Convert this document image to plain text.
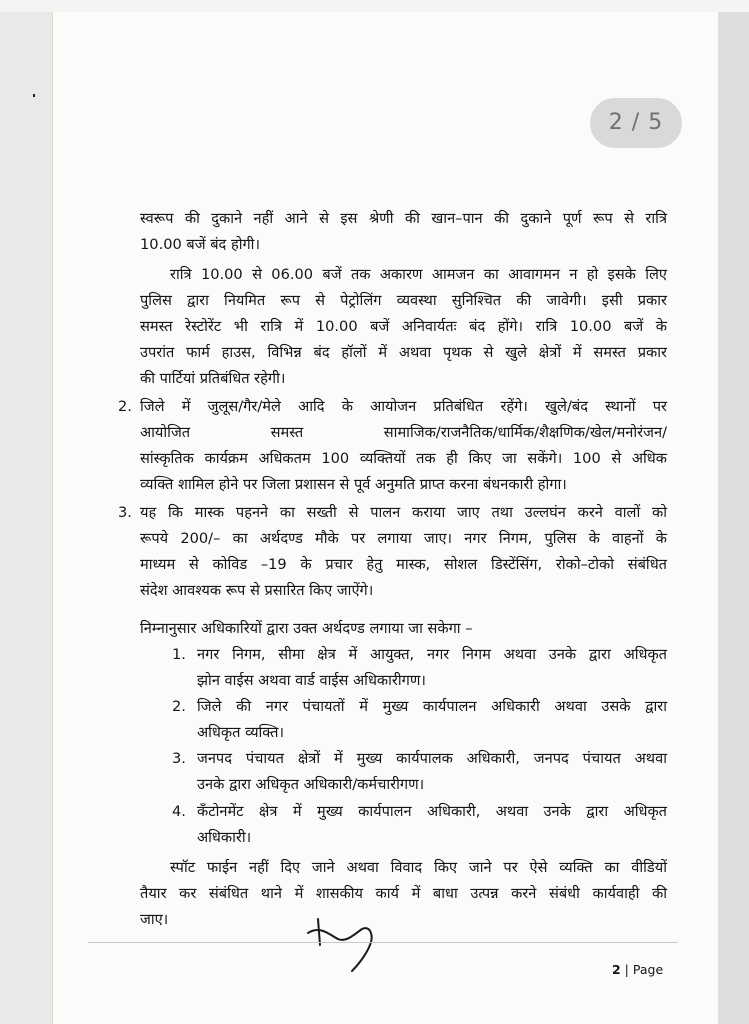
2 / 5
स्वरूप की दुकाने नहीं आने से इस श्रेणी की खान–पान की दुकाने पूर्ण रूप से रात्रि
10.00 बजें बंद होगी।
रात्रि 10.00 से 06.00 बजें तक अकारण आमजन का आवागमन न हो इसके लिए
पुलिस द्वारा नियमित रूप से पेट्रोलिंग व्यवस्था सुनिश्चित की जावेगी। इसी प्रकार
समस्त रेस्टोरेंट भी रात्रि में 10.00 बजें अनिवार्यतः बंद होंगे। रात्रि 10.00 बजें के
उपरांत फार्म हाउस, विभिन्न बंद हॉलों में अथवा पृथक से खुले क्षेत्रों में समस्त प्रकार
की पार्टियां प्रतिबंधित रहेगी।
2. जिले में जुलूस/गैर/मेले आदि के आयोजन प्रतिबंधित रहेंगे। खुले/बंद स्थानों पर
आयोजित समस्त सामाजिक/राजनैतिक/धार्मिक/शैक्षणिक/खेल/मनोरंजन/
सांस्कृतिक कार्यक्रम अधिकतम 100 व्यक्तियों तक ही किए जा सकेंगे। 100 से अधिक
व्यक्ति शामिल होने पर जिला प्रशासन से पूर्व अनुमति प्राप्त करना बंधनकारी होगा।
3. यह कि मास्क पहनने का सख्ती से पालन कराया जाए तथा उल्लघंन करने वालों को
रूपये 200/– का अर्थदण्ड मौके पर लगाया जाए। नगर निगम, पुलिस के वाहनों के
माध्यम से कोविड –19 के प्रचार हेतु मास्क, सोशल डिस्टेंसिंग, रोको–टोको संबंधित
संदेश आवश्यक रूप से प्रसारित किए जाऐंगे।
निम्नानुसार अधिकारियों द्वारा उक्त अर्थदण्ड लगाया जा सकेगा –
1. नगर निगम, सीमा क्षेत्र में आयुक्त, नगर निगम अथवा उनके द्वारा अधिकृत
झोन वाईस अथवा वार्ड वाईस अधिकारीगण।
2. जिले की नगर पंचायतों में मुख्य कार्यपालन अधिकारी अथवा उसके द्वारा
अधिकृत व्यक्ति।
3. जनपद पंचायत क्षेत्रों में मुख्य कार्यपालक अधिकारी, जनपद पंचायत अथवा
उनके द्वारा अधिकृत अधिकारी/कर्मचारीगण।
4. कॅंटोनमेंट क्षेत्र में मुख्य कार्यपालन अधिकारी, अथवा उनके द्वारा अधिकृत
अधिकारी।
स्पॉट फाईन नहीं दिए जाने अथवा विवाद किए जाने पर ऐसे व्यक्ति का वीडियों
तैयार कर संबंधित थाने में शासकीय कार्य में बाधा उत्पन्न करने संबंधी कार्यवाही की
जाए।
2 | Page
